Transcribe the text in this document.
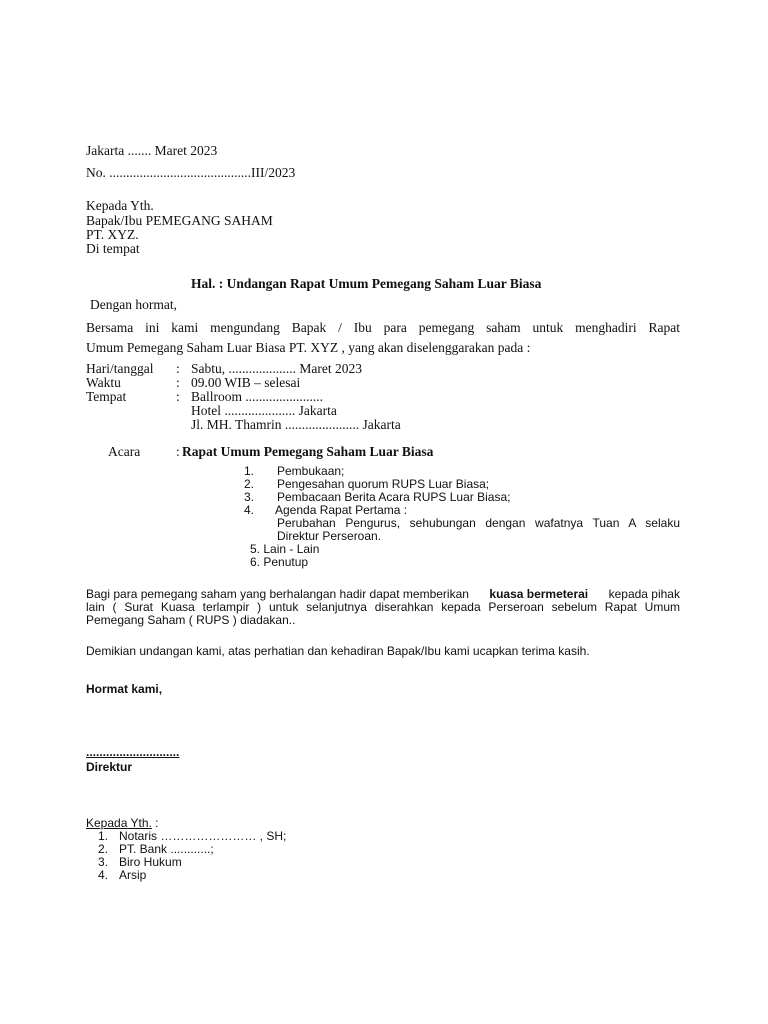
Jakarta ....... Maret 2023
No. ..........................................III/2023
Kepada Yth.
Bapak/Ibu PEMEGANG SAHAM
PT. XYZ.
Di tempat
Hal. : Undangan Rapat Umum Pemegang Saham Luar Biasa
Dengan hormat,
Bersama ini kami mengundang Bapak / Ibu para pemegang saham untuk menghadiri Rapat
Umum Pemegang Saham Luar Biasa PT. XYZ , yang akan diselenggarakan pada :
Hari/tanggal : Sabtu, .................... Maret 2023
Waktu	: 09.00 WIB – selesai
Tempat	: Ballroom .......................
Hotel ..................... Jakarta
Jl. MH. Thamrin ...................... Jakarta
Acara	: Rapat Umum Pemegang Saham Luar Biasa
1. Pembukaan;
2. Pengesahan quorum RUPS Luar Biasa;
3. Pembacaan Berita Acara RUPS Luar Biasa;
4. Agenda Rapat Pertama :
Perubahan Pengurus, sehubungan dengan wafatnya Tuan A selaku
Direktur Perseroan.
5. Lain - Lain
6. Penutup
Bagi para pemegang saham yang berhalangan hadir dapat memberikan kuasa bermeterai kepada pihak
lain ( Surat Kuasa terlampir ) untuk selanjutnya diserahkan kepada Perseroan sebelum Rapat Umum
Pemegang Saham ( RUPS ) diadakan..
Demikian undangan kami, atas perhatian dan kehadiran Bapak/Ibu kami ucapkan terima kasih.
Hormat kami,
............................
Direktur
Kepada Yth. :
1. Notaris …………………… , SH;
2. PT. Bank ............;
3. Biro Hukum
4. Arsip
